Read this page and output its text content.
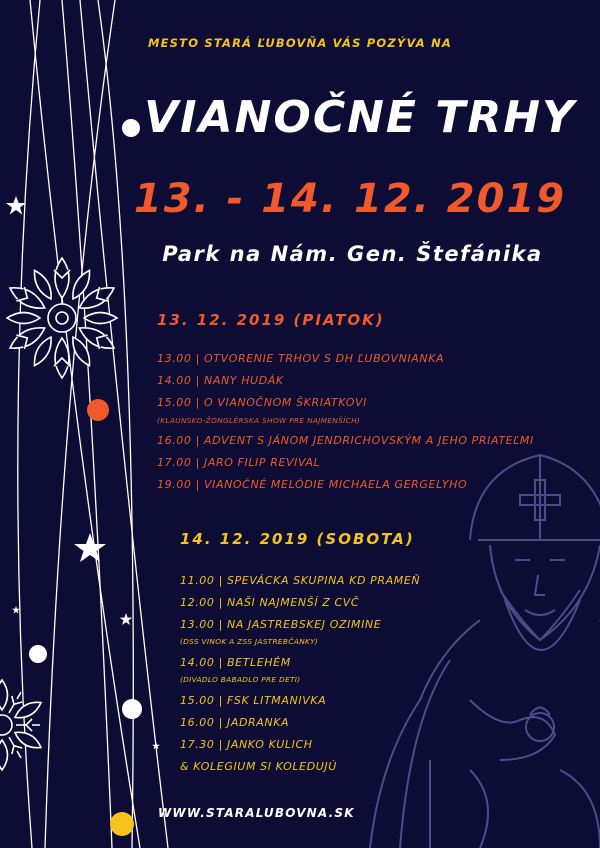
MESTO STARÁ ĽUBOVŇA VÁS POZÝVA NA

VIANOČNÉ TRHY

13. - 14. 12. 2019

Park na Nám. Gen. Štefánika

13. 12. 2019 (PIATOK)

13.00 | OTVORENIE TRHOV S DH ĽUBOVNIANKA

14.00 | NANY HUDÁK

15.00 | O VIANOČNOM ŠKRIATKOVI

(KLAUNSKO-ŽONGLÉRSKA SHOW PRE NAJMENŠÍCH)

16.00 | ADVENT S JÁNOM JENDRICHOVSKÝM A JEHO PRIATEĽMI

17.00 | JARO FILIP REVIVAL

19.00 | VIANOČNÉ MELÓDIE MICHAELA GERGELYHO

14. 12. 2019 (SOBOTA)

11.00 | SPEVÁCKA SKUPINA KD PRAMEŇ

12.00 | NAŠI NAJMENŠÍ Z CVČ

13.00 | NA JASTREBSKEJ OZIMINE

(DSS VINOK A ZSS JASTREBČANKY)

14.00 | BETLEHÉM

(DIVADLO BABADLO PRE DETI)

15.00 | FSK LITMANIVKA

16.00 | JADRANKA

17.30 | JANKO KULICH

& KOLEGIUM SI KOLEDUJÚ

WWW.STARALUBOVNA.SK
